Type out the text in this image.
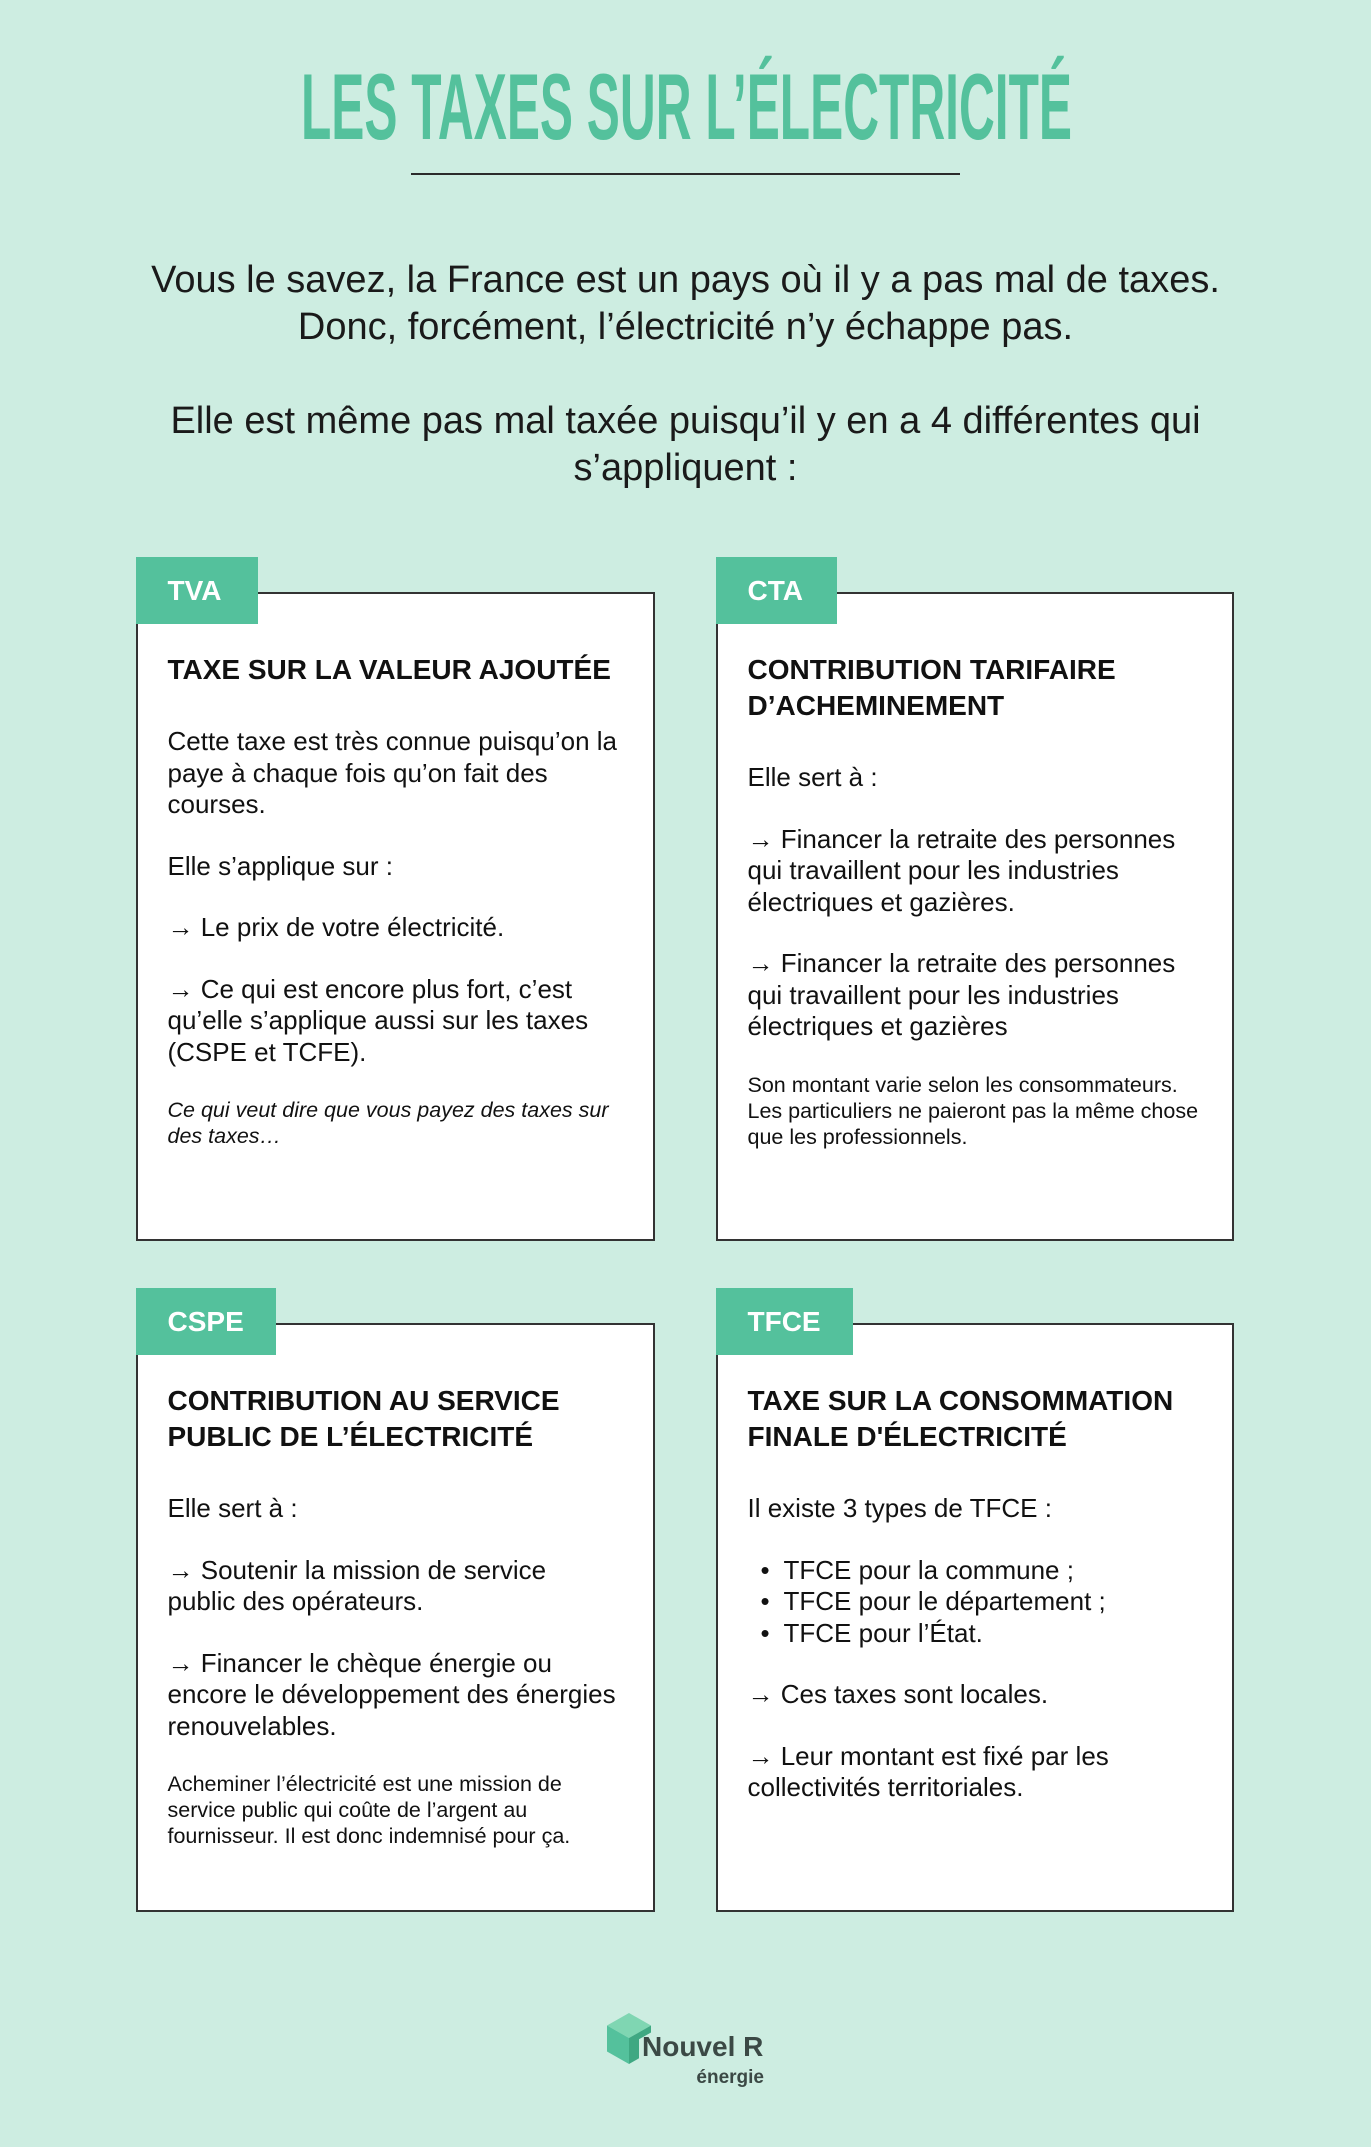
LES TAXES SUR L’ÉLECTRICITÉ

Vous le savez, la France est un pays où il y a pas mal de taxes.
Donc, forcément, l’électricité n’y échappe pas.

Elle est même pas mal taxée puisqu’il y en a 4 différentes qui
s’appliquent :

TVA
TAXE SUR LA VALEUR AJOUTÉE

Cette taxe est très connue puisqu’on la
paye à chaque fois qu’on fait des
courses.

Elle s’applique sur :

→ Le prix de votre électricité.

→ Ce qui est encore plus fort, c’est
qu’elle s’applique aussi sur les taxes
(CSPE et TCFE).

Ce qui veut dire que vous payez des taxes sur
des taxes…

CTA
CONTRIBUTION TARIFAIRE
D’ACHEMINEMENT

Elle sert à :

→ Financer la retraite des personnes
qui travaillent pour les industries
électriques et gazières.

→ Financer la retraite des personnes
qui travaillent pour les industries
électriques et gazières

Son montant varie selon les consommateurs.
Les particuliers ne paieront pas la même chose
que les professionnels.

CSPE
CONTRIBUTION AU SERVICE
PUBLIC DE L’ÉLECTRICITÉ

Elle sert à :

→ Soutenir la mission de service
public des opérateurs.

→ Financer le chèque énergie ou
encore le développement des énergies
renouvelables.

Acheminer l’électricité est une mission de
service public qui coûte de l’argent au
fournisseur. Il est donc indemnisé pour ça.

TFCE
TAXE SUR LA CONSOMMATION
FINALE D'ÉLECTRICITÉ

Il existe 3 types de TFCE :

• TFCE pour la commune ;
• TFCE pour le département ;
• TFCE pour l’État.

→ Ces taxes sont locales.

→ Leur montant est fixé par les
collectivités territoriales.

Nouvel R
énergie
